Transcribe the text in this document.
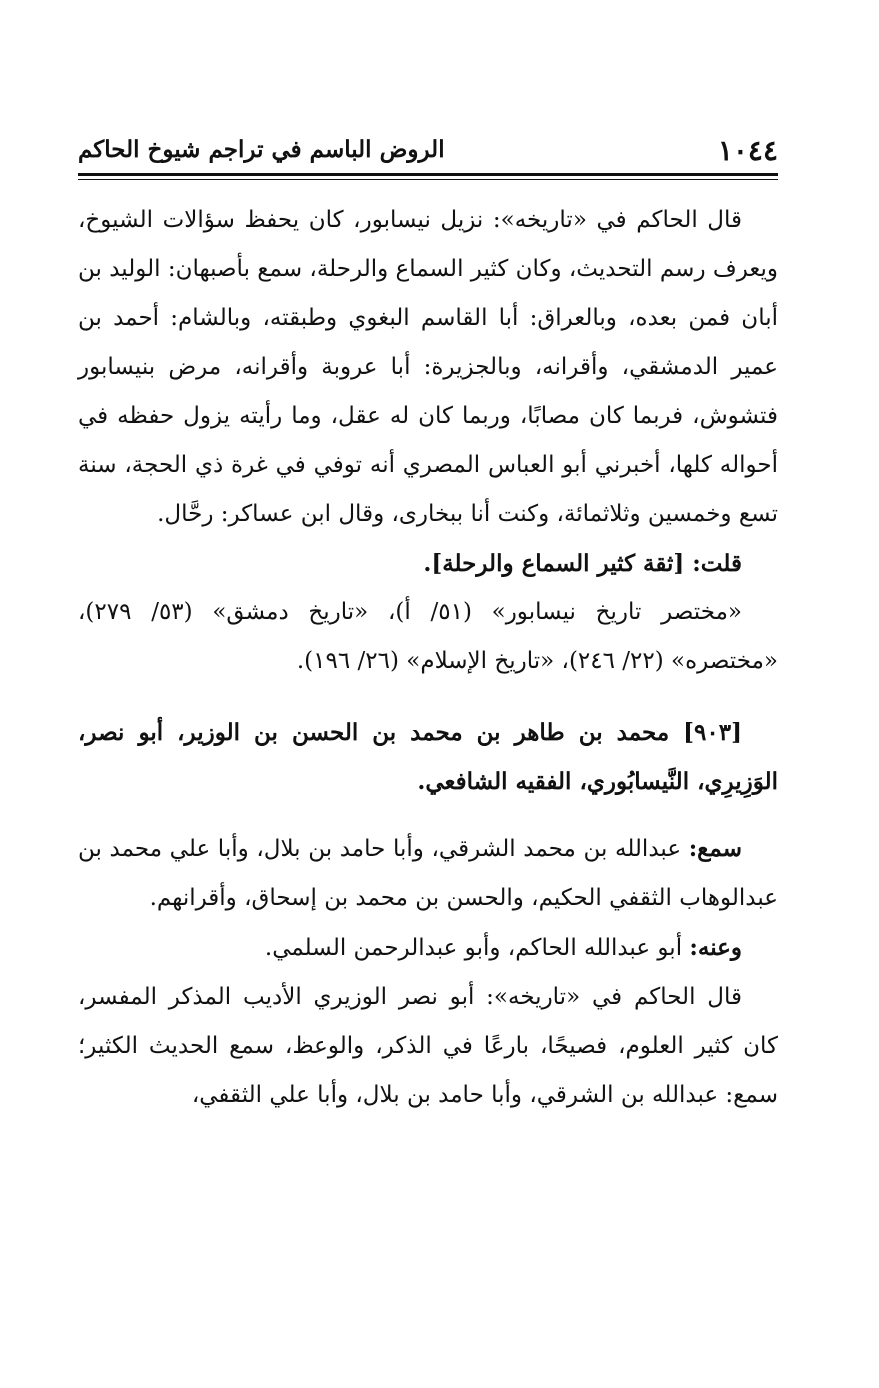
١٠٤٤
الروض الباسم في تراجم شيوخ الحاكم

قال الحاكم في «تاريخه»: نزيل نيسابور، كان يحفظ سؤالات الشيوخ، ويعرف رسم التحديث، وكان كثير السماع والرحلة، سمع بأصبهان: الوليد بن أبان فمن بعده، وبالعراق: أبا القاسم البغوي وطبقته، وبالشام: أحمد بن عمير الدمشقي، وأقرانه، وبالجزيرة: أبا عروبة وأقرانه، مرض بنيسابور فتشوش، فربما كان مصابًا، وربما كان له عقل، وما رأيته يزول حفظه في أحواله كلها، أخبرني أبو العباس المصري أنه توفي في غرة ذي الحجة، سنة تسع وخمسين وثلاثمائة، وكنت أنا ببخارى، وقال ابن عساكر: رحَّال.

قلت: [ثقة كثير السماع والرحلة].

«مختصر تاريخ نيسابور» (٥١/ أ)، «تاريخ دمشق» (٥٣/ ٢٧٩)، «مختصره» (٢٢/ ٢٤٦)، «تاريخ الإسلام» (٢٦/ ١٩٦).

[٩٠٣] محمد بن طاهر بن محمد بن الحسن بن الوزير، أبو نصر، الوَزِيرِي، النَّيسابُوري، الفقيه الشافعي.

سمع: عبدالله بن محمد الشرقي، وأبا حامد بن بلال، وأبا علي محمد بن عبدالوهاب الثقفي الحكيم، والحسن بن محمد بن إسحاق، وأقرانهم.

وعنه: أبو عبدالله الحاكم، وأبو عبدالرحمن السلمي.

قال الحاكم في «تاريخه»: أبو نصر الوزيري الأديب المذكر المفسر، كان كثير العلوم، فصيحًا، بارعًا في الذكر، والوعظ، سمع الحديث الكثير؛ سمع: عبدالله بن الشرقي، وأبا حامد بن بلال، وأبا علي الثقفي،
